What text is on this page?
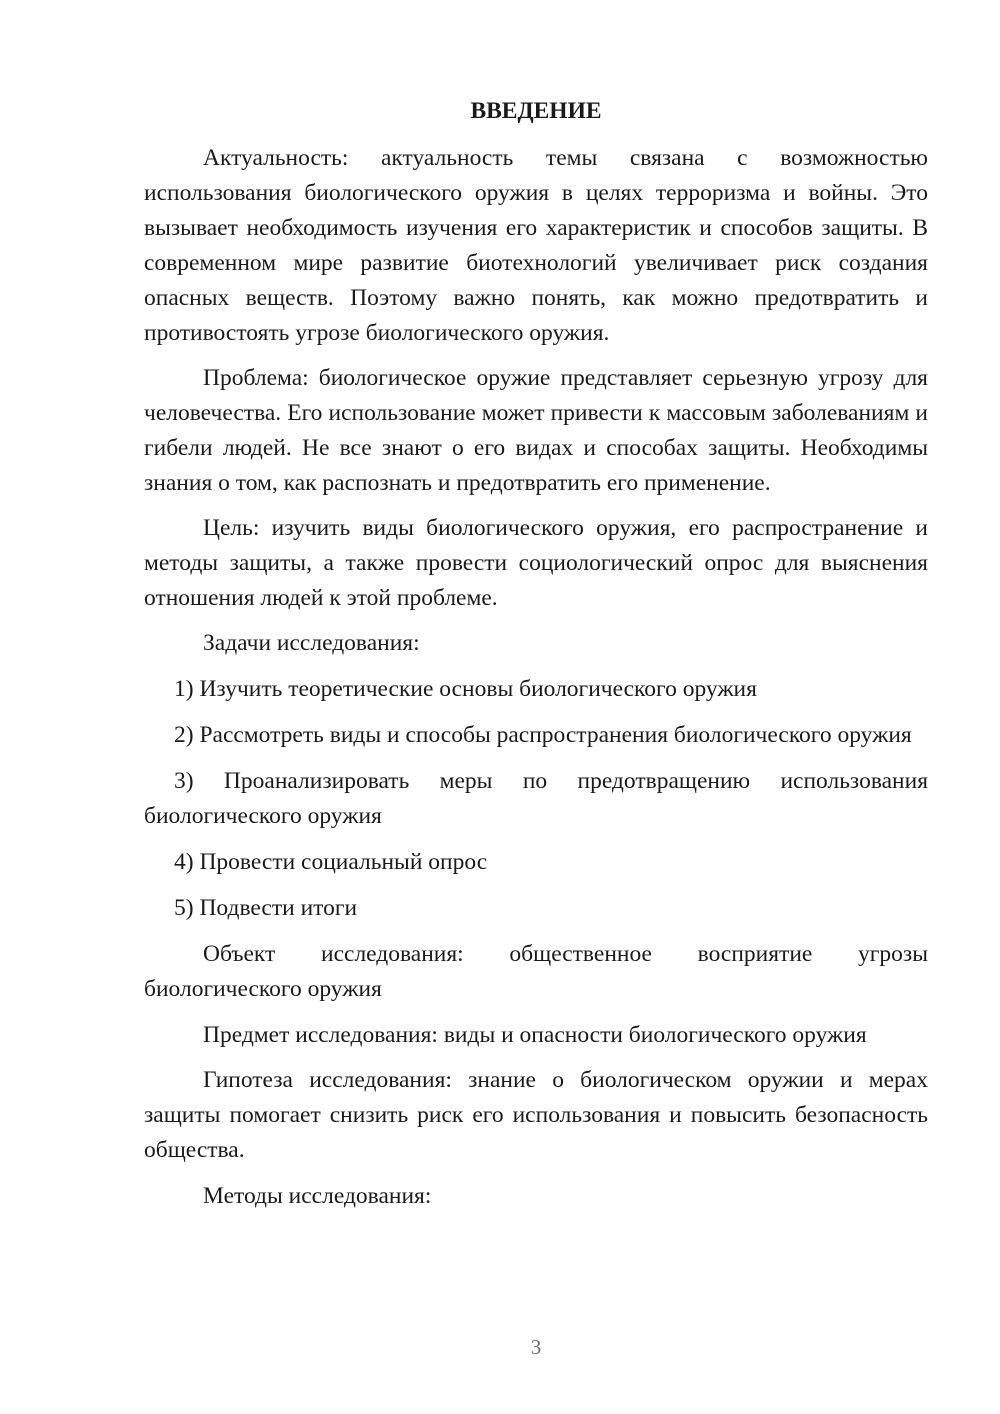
ВВЕДЕНИЕ

Актуальность: актуальность темы связана с возможностью использования биологического оружия в целях терроризма и войны. Это вызывает необходимость изучения его характеристик и способов защиты. В современном мире развитие биотехнологий увеличивает риск создания опасных веществ. Поэтому важно понять, как можно предотвратить и противостоять угрозе биологического оружия.

Проблема: биологическое оружие представляет серьезную угрозу для человечества. Его использование может привести к массовым заболеваниям и гибели людей. Не все знают о его видах и способах защиты. Необходимы знания о том, как распознать и предотвратить его применение.

Цель: изучить виды биологического оружия, его распространение и методы защиты, а также провести социологический опрос для выяснения отношения людей к этой проблеме.

Задачи исследования:

1) Изучить теоретические основы биологического оружия

2) Рассмотреть виды и способы распространения биологического оружия

3) Проанализировать меры по предотвращению использования биологического оружия

4) Провести социальный опрос

5) Подвести итоги

Объект исследования: общественное восприятие угрозы биологического оружия

Предмет исследования: виды и опасности биологического оружия

Гипотеза исследования: знание о биологическом оружии и мерах защиты помогает снизить риск его использования и повысить безопасность общества.

Методы исследования:

3
